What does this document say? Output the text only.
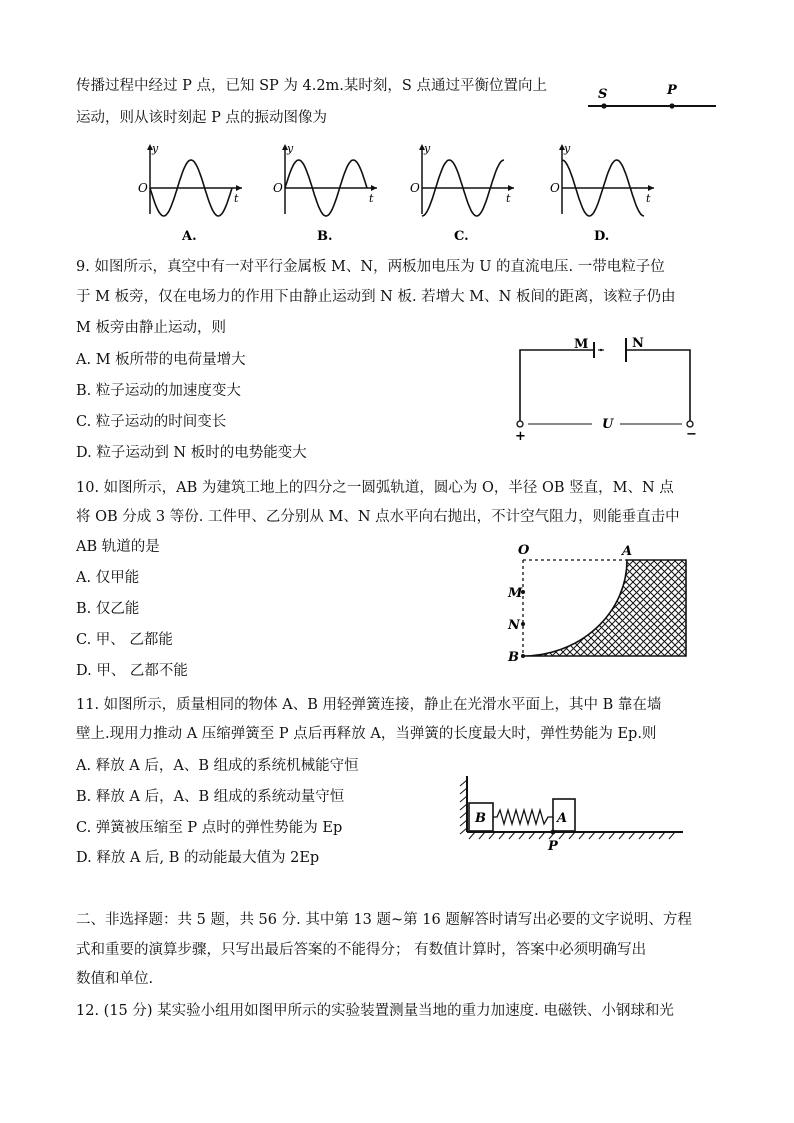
传播过程中经过 P 点，已知 SP 为 4.2m.某时刻，S 点通过平衡位置向上
运动，则从该时刻起 P 点的振动图像为
S	P
y
t
O
A.
y
t
O
B.
y
t
O
C.
y
t
O
D.
9. 如图所示，真空中有一对平行金属板 M、N，两板加电压为 U 的直流电压. 一带电粒子位
于 M 板旁，仅在电场力的作用下由静止运动到 N 板. 若增大 M、N 板间的距离，该粒子仍由
M 板旁由静止运动，则
A. M 板所带的电荷量增大
B. 粒子运动的加速度变大
C. 粒子运动的时间变长
D. 粒子运动到 N 板时的电势能变大
M	N
+	−
U
10. 如图所示，AB 为建筑工地上的四分之一圆弧轨道，圆心为 O，半径 OB 竖直，M、N 点
将 OB 分成 3 等份. 工件甲、乙分别从 M、N 点水平向右抛出，不计空气阻力，则能垂直击中
AB 轨道的是
A. 仅甲能
B. 仅乙能
C. 甲、 乙都能
D. 甲、 乙都不能
O	A
M
N
B
11. 如图所示，质量相同的物体 A、B 用轻弹簧连接，静止在光滑水平面上，其中 B 靠在墙
壁上.现用力推动 A 压缩弹簧至 P 点后再释放 A，当弹簧的长度最大时，弹性势能为 Ep.则
A. 释放 A 后，A、B 组成的系统机械能守恒
B. 释放 A 后，A、B 组成的系统动量守恒
C. 弹簧被压缩至 P 点时的弹性势能为 Ep
D. 释放 A 后, B 的动能最大值为 2Ep
B	A
P
二、非选择题：共 5 题，共 56 分. 其中第 13 题~第 16 题解答时请写出必要的文字说明、方程
式和重要的演算步骤，只写出最后答案的不能得分； 有数值计算时，答案中必须明确写出
数值和单位.
12. (15 分) 某实验小组用如图甲所示的实验装置测量当地的重力加速度. 电磁铁、小钢球和光
